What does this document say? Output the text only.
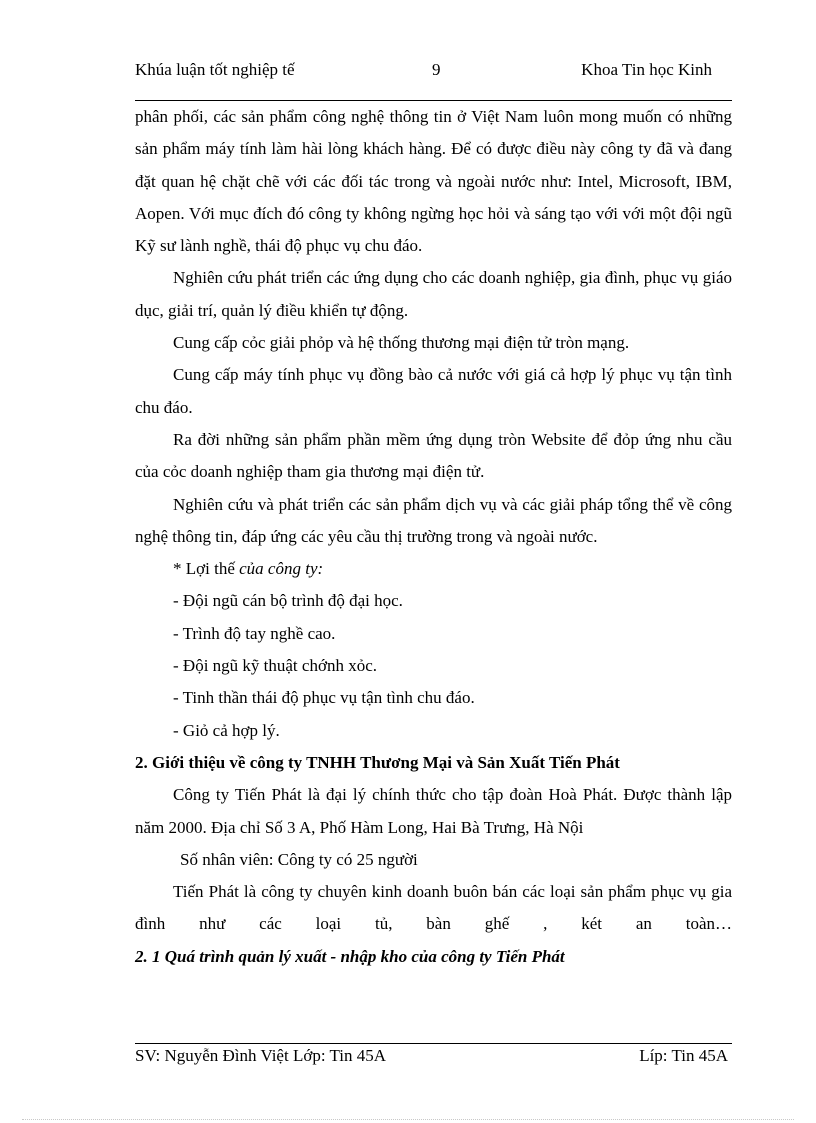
Khúa luận tốt nghiệp tế	9	Khoa Tin học Kinh

phân phối, các sản phẩm công nghệ thông tin ở Việt Nam luôn mong muốn có những sản phẩm máy tính làm hài lòng khách hàng. Để có được điều này công ty đã và đang đặt quan hệ chặt chẽ với các đối tác trong và ngoài nước như: Intel, Microsoft, IBM, Aopen. Với mục đích đó công ty không ngừng học hỏi và sáng tạo với với một đội ngũ Kỹ sư lành nghề, thái độ phục vụ chu đáo.

Nghiên cứu phát triển các ứng dụng cho các doanh nghiệp, gia đình, phục vụ giáo dục, giải trí, quản lý điều khiển tự động.

Cung cấp cỏc giải phỏp và hệ thống thương mại điện tử tròn mạng.

Cung cấp máy tính phục vụ đồng bào cả nước với giá cả hợp lý phục vụ tận tình chu đáo.

Ra đời những sản phẩm phần mềm ứng dụng tròn Website để đỏp ứng nhu cầu của cỏc doanh nghiệp tham gia thương mại điện tử.

Nghiên cứu và phát triển các sản phẩm dịch vụ và các giải pháp tổng thể về công nghệ thông tin, đáp ứng các yêu cầu thị trường trong và ngoài nước.

* Lợi thế của công ty:

- Đội ngũ cán bộ trình độ đại học.

- Trình độ tay nghề cao.

- Đội ngũ kỹ thuật chớnh xỏc.

- Tinh thần thái độ phục vụ tận tình chu đáo.

- Giỏ cả hợp lý.

2. Giới thiệu về công ty TNHH Thương Mại và Sản Xuất Tiến Phát

Công ty Tiến Phát là đại lý chính thức cho tập đoàn Hoà Phát. Được thành lập năm 2000. Địa chỉ Số 3 A, Phố Hàm Long, Hai Bà Trưng, Hà Nội

Số nhân viên: Công ty có 25 người

Tiến Phát là công ty chuyên kinh doanh buôn bán các loại sản phẩm phục vụ gia đình như các loại tủ, bàn ghế , két an toàn…

2. 1 Quá trình quản lý xuất - nhập kho của công ty Tiến Phát

SV: Nguyễn Đình Việt Lớp: Tin 45A	Líp: Tin 45A
